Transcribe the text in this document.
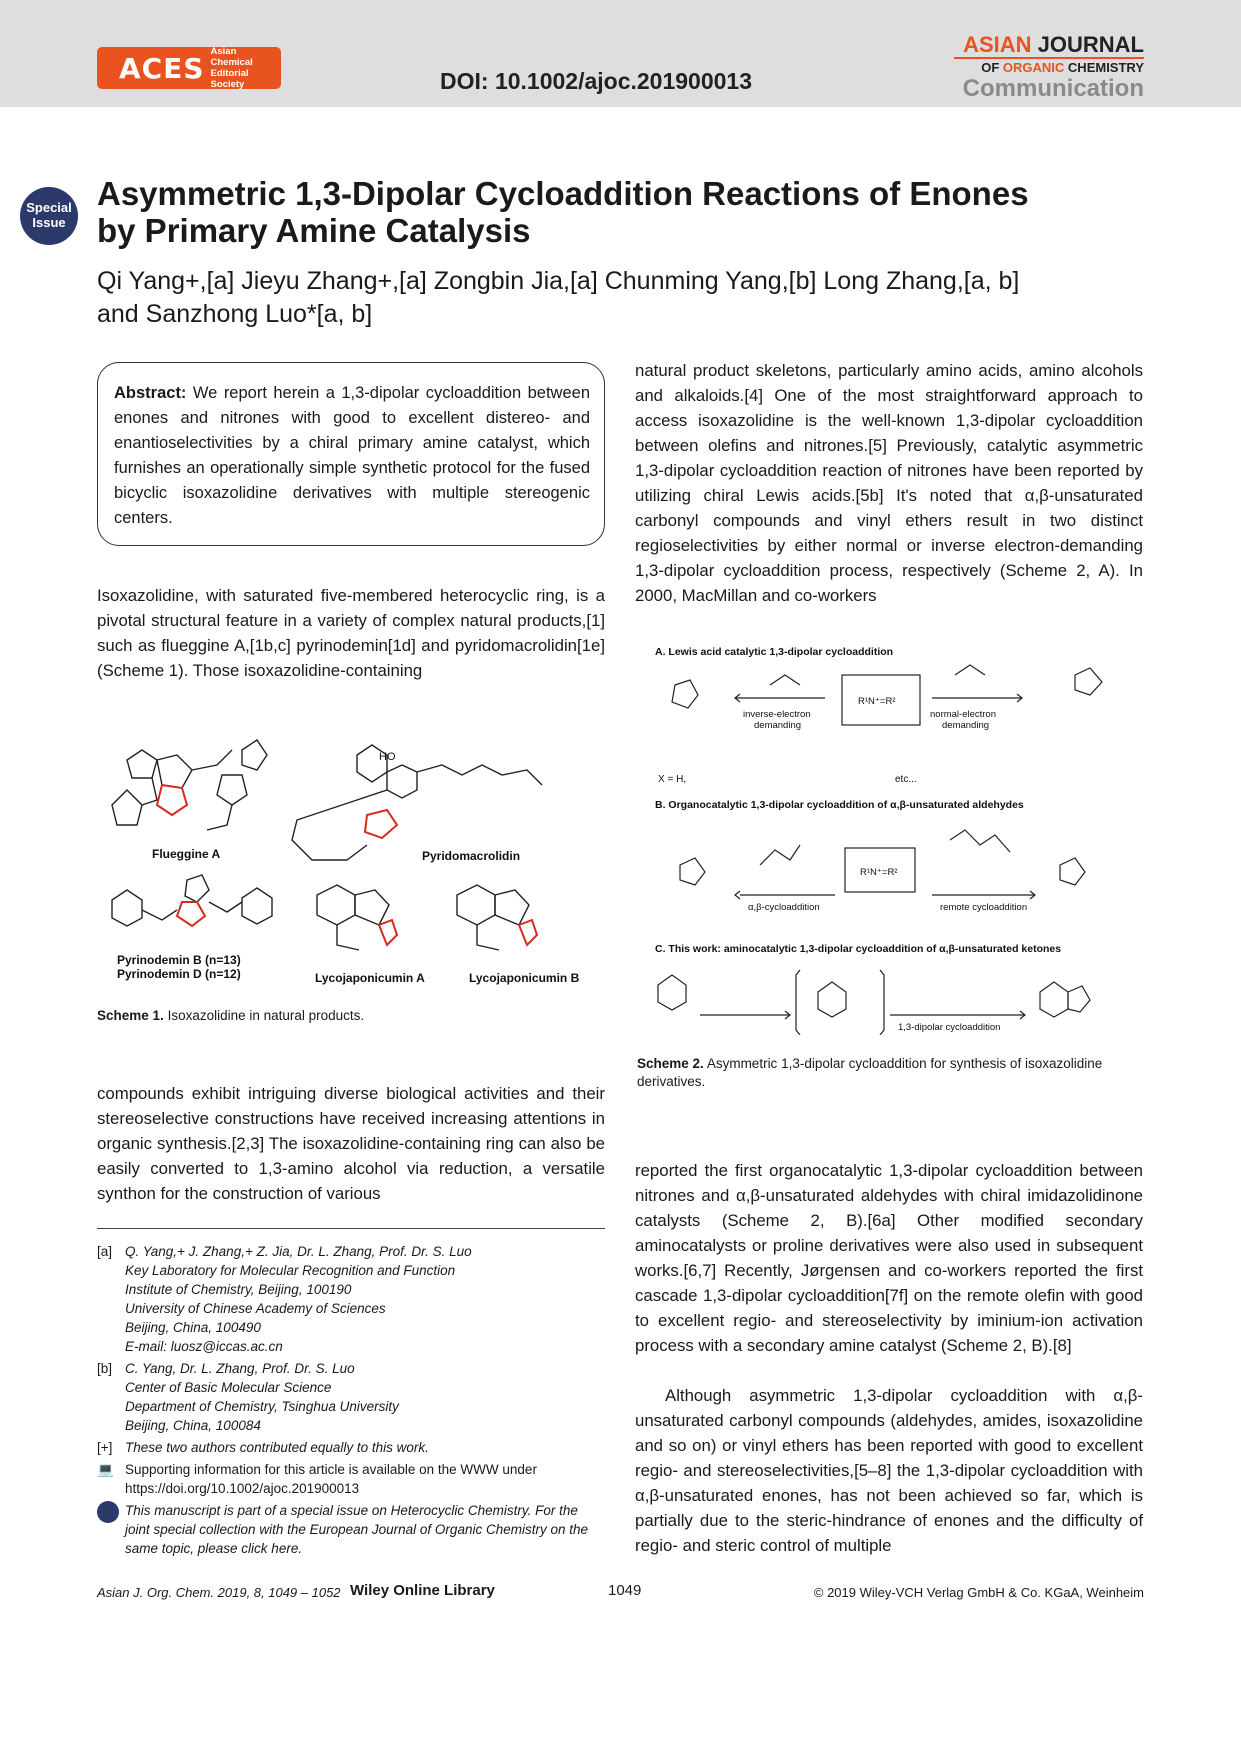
ACES Asian Chemical
Editorial Society	DOI: 10.1002/ajoc.201900013
ASIAN JOURNAL
OF ORGANIC CHEMISTRY
Communication
Special
Issue
Asymmetric 1,3-Dipolar Cycloaddition Reactions of Enones by Primary Amine Catalysis
Qi Yang+,[a] Jieyu Zhang+,[a] Zongbin Jia,[a] Chunming Yang,[b] Long Zhang,[a, b] and Sanzhong Luo*[a, b]
Abstract: We report herein a 1,3-dipolar cycloaddition between enones and nitrones with good to excellent distereo- and enantioselectivities by a chiral primary amine catalyst, which furnishes an operationally simple synthetic protocol for the fused bicyclic isoxazolidine derivatives with multiple stereogenic centers.
Isoxazolidine, with saturated five-membered heterocyclic ring, is a pivotal structural feature in a variety of complex natural products,[1] such as flueggine A,[1b,c] pyrinodemin[1d] and pyridomacrolidin[1e] (Scheme 1). Those isoxazolidine-containing
Flueggine A
HO
Pyridomacrolidin
Pyrinodemin B (n=13)
Pyrinodemin D (n=12)	Lycojaponicumin A	Lycojaponicumin B
Scheme 1. Isoxazolidine in natural products.
compounds exhibit intriguing diverse biological activities and their stereoselective constructions have received increasing attentions in organic synthesis.[2,3] The isoxazolidine-containing ring can also be easily converted to 1,3-amino alcohol via reduction, a versatile synthon for the construction of various
[a] Q. Yang,+ J. Zhang,+ Z. Jia, Dr. L. Zhang, Prof. Dr. S. Luo
Key Laboratory for Molecular Recognition and Function
Institute of Chemistry, Beijing, 100190
University of Chinese Academy of Sciences
Beijing, China, 100490
E-mail: luosz@iccas.ac.cn
[b] C. Yang, Dr. L. Zhang, Prof. Dr. S. Luo
Center of Basic Molecular Science
Department of Chemistry, Tsinghua University
Beijing, China, 100084
[+] These two authors contributed equally to this work.
💻 Supporting information for this article is available on the WWW under https://doi.org/10.1002/ajoc.201900013
This manuscript is part of a special issue on Heterocyclic Chemistry. For the joint special collection with the European Journal of Organic Chemistry on the same topic, please click here.
natural product skeletons, particularly amino acids, amino alcohols and alkaloids.[4] One of the most straightforward approach to access isoxazolidine is the well-known 1,3-dipolar cycloaddition between olefins and nitrones.[5] Previously, catalytic asymmetric 1,3-dipolar cycloaddition reaction of nitrones have been reported by utilizing chiral Lewis acids.[5b] It's noted that α,β-unsaturated carbonyl compounds and vinyl ethers result in two distinct regioselectivities by either normal or inverse electron-demanding 1,3-dipolar cycloaddition process, respectively (Scheme 2, A). In 2000, MacMillan and co-workers
A. Lewis acid catalytic 1,3-dipolar cycloaddition
inverse-electron
demanding
normal-electron
demanding
R¹N⁺=R²
X = H,	etc...
B. Organocatalytic 1,3-dipolar cycloaddition of α,β-unsaturated aldehydes
α,β-cycloaddition	remote cycloaddition
R¹N⁺=R²
C. This work: aminocatalytic 1,3-dipolar cycloaddition of α,β-unsaturated ketones
1,3-dipolar cycloaddition
Scheme 2. Asymmetric 1,3-dipolar cycloaddition for synthesis of isoxazolidine derivatives.
reported the first organocatalytic 1,3-dipolar cycloaddition between nitrones and α,β-unsaturated aldehydes with chiral imidazolidinone catalysts (Scheme 2, B).[6a] Other modified secondary aminocatalysts or proline derivatives were also used in subsequent works.[6,7] Recently, Jørgensen and co-workers reported the first cascade 1,3-dipolar cycloaddition[7f] on the remote olefin with good to excellent regio- and stereoselectivity by iminium-ion activation process with a secondary amine catalyst (Scheme 2, B).[8]
Although asymmetric 1,3-dipolar cycloaddition with α,β-unsaturated carbonyl compounds (aldehydes, amides, isoxazolidine and so on) or vinyl ethers has been reported with good to excellent regio- and stereoselectivities,[5–8] the 1,3-dipolar cycloaddition with α,β-unsaturated enones, has not been achieved so far, which is partially due to the steric-hindrance of enones and the difficulty of regio- and steric control of multiple
Asian J. Org. Chem. 2019, 8, 1049 – 1052 Wiley Online Library	1049	© 2019 Wiley-VCH Verlag GmbH & Co. KGaA, Weinheim
